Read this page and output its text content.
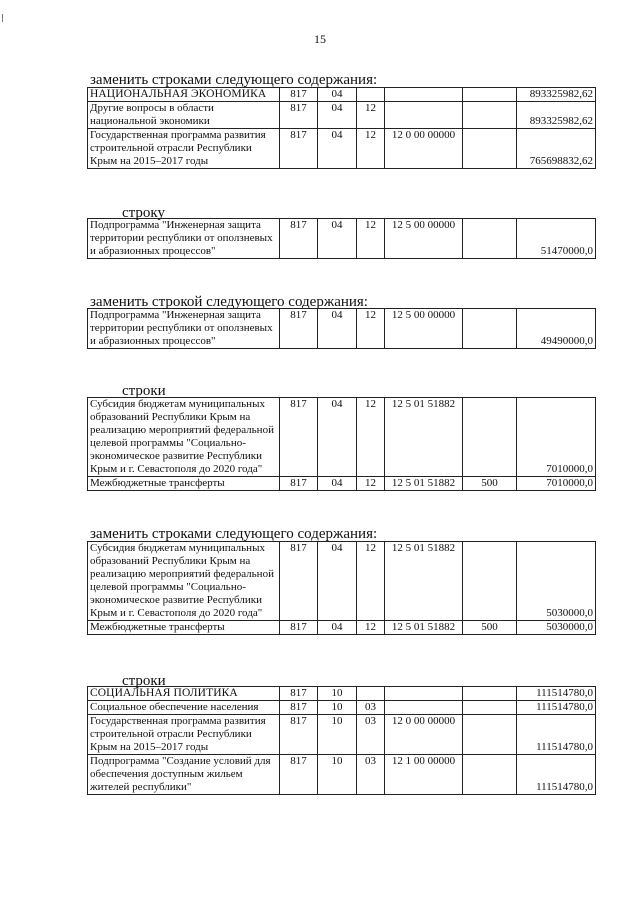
15
заменить строками следующего содержания:
НАЦИОНАЛЬНАЯ ЭКОНОМИКА	817	04				893325982,62
Другие вопросы в области национальной экономики	817	04	12			893325982,62
Государственная программа развития строительной отрасли Республики Крым на 2015–2017 годы	817	04	12	12 0 00 00000		765698832,62
строку
Подпрограмма "Инженерная защита территории республики от оползневых и абразионных процессов"	817	04	12	12 5 00 00000		51470000,0
заменить строкой следующего содержания:
Подпрограмма "Инженерная защита территории республики от оползневых и абразионных процессов"	817	04	12	12 5 00 00000		49490000,0
строки
Субсидия бюджетам муниципальных образований Республики Крым на реализацию мероприятий федеральной целевой программы "Социально-экономическое развитие Республики Крым и г. Севастополя до 2020 года"	817	04	12	12 5 01 51882		7010000,0
Межбюджетные трансферты	817	04	12	12 5 01 51882	500	7010000,0
заменить строками следующего содержания:
Субсидия бюджетам муниципальных образований Республики Крым на реализацию мероприятий федеральной целевой программы "Социально-экономическое развитие Республики Крым и г. Севастополя до 2020 года"	817	04	12	12 5 01 51882		5030000,0
Межбюджетные трансферты	817	04	12	12 5 01 51882	500	5030000,0
строки
СОЦИАЛЬНАЯ ПОЛИТИКА	817	10				111514780,0
Социальное обеспечение населения	817	10	03			111514780,0
Государственная программа развития строительной отрасли Республики Крым на 2015–2017 годы	817	10	03	12 0 00 00000		111514780,0
Подпрограмма "Создание условий для обеспечения доступным жильем жителей республики"	817	10	03	12 1 00 00000		111514780,0
